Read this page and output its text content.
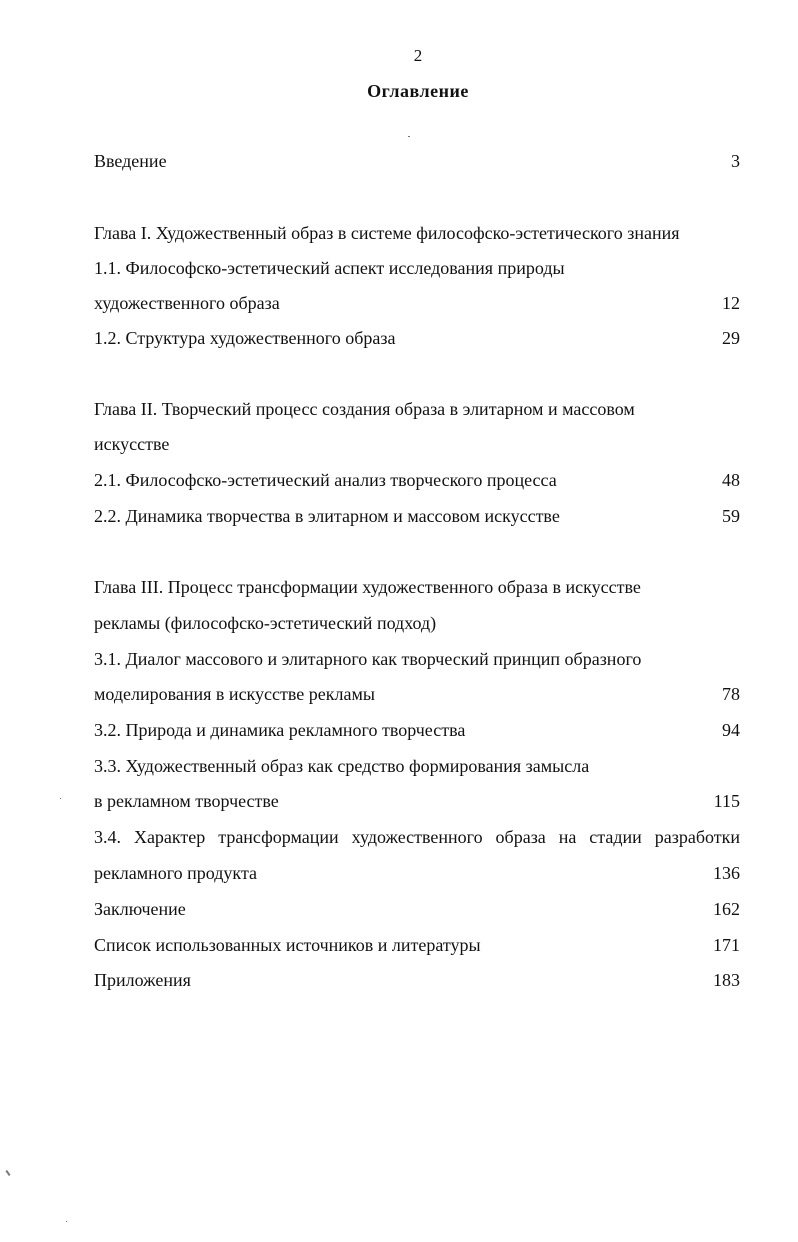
2
Оглавление
Введение	3
Глава I. Художественный образ в системе философско-эстетического знания
1.1. Философско-эстетический аспект исследования природы
художественного образа	12
1.2. Структура художественного образа	29
Глава II. Творческий процесс создания образа в элитарном и массовом
искусстве
2.1. Философско-эстетический анализ творческого процесса	48
2.2. Динамика творчества в элитарном и массовом искусстве	59
Глава III. Процесс трансформации художественного образа в искусстве
рекламы (философско-эстетический подход)
3.1. Диалог массового и элитарного как творческий принцип образного
моделирования в искусстве рекламы	78
3.2. Природа и динамика рекламного творчества	94
3.3. Художественный образ как средство формирования замысла
в рекламном творчестве	115
3.4. Характер трансформации художественного образа на стадии разработки
рекламного продукта	136
Заключение	162
Список использованных источников и литературы	171
Приложения	183
